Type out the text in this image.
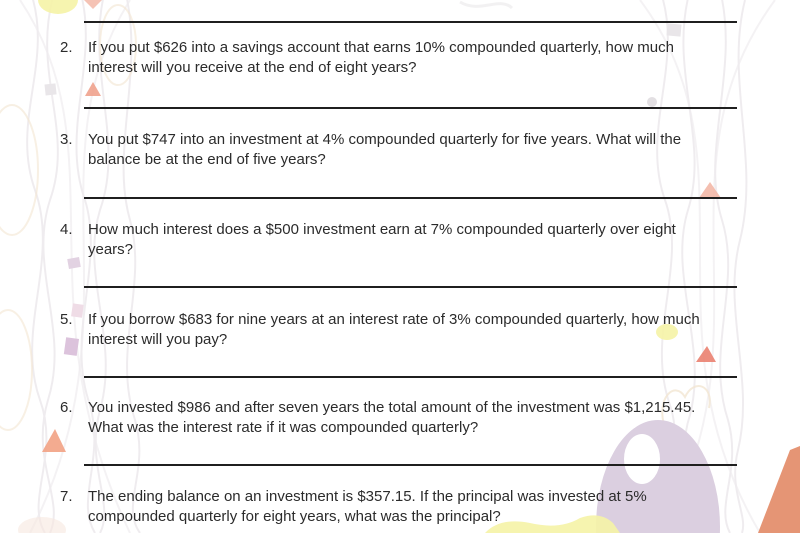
2.	If you put $626 into a savings account that earns 10% compounded quarterly, how much
interest will you receive at the end of eight years?
3.	You put $747 into an investment at 4% compounded quarterly for five years. What will the
balance be at the end of five years?
4.	How much interest does a $500 investment earn at 7% compounded quarterly over eight
years?
5.	If you borrow $683 for nine years at an interest rate of 3% compounded quarterly, how much
interest will you pay?
6.	You invested $986 and after seven years the total amount of the investment was $1,215.45.
What was the interest rate if it was compounded quarterly?
7.	The ending balance on an investment is $357.15. If the principal was invested at 5%
compounded quarterly for eight years, what was the principal?
